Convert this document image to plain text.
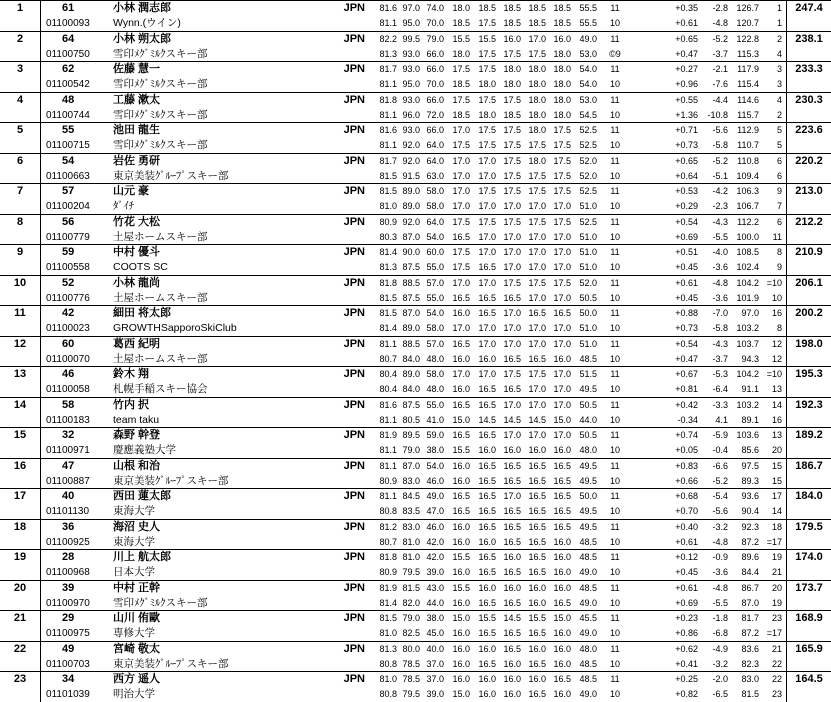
1	247.4
61	小林 潤志郎	JPN	81.6 97.0 74.0 18.0 18.5 18.5 18.5 18.5 55.5	11	+0.35	-2.8 126.7	1
01100093	Wynn.(ウイン)	81.1 95.0 70.0 18.5 17.5 18.5 18.5 18.5 55.5	10	+0.61	-4.8 120.7	1
2	238.1
64	小林 朔太郎	JPN	82.2 99.5 79.0 15.5 15.5 16.0 17.0 16.0 49.0	11	+0.65	-5.2 122.8	2
01100750	雪印ﾒｸﾞﾐﾙｸスキー部	81.3 93.0 66.0 18.0 17.5 17.5 17.5 18.0 53.0	©9	+0.47	-3.7	115.3	4
3	233.3
62	佐藤 慧一	JPN	81.7 93.0 66.0 17.5 17.5 18.0 18.0 18.0 54.0	11	+0.27	-2.1	117.9	3
01100542	雪印ﾒｸﾞﾐﾙｸスキー部	81.1 95.0 70.0 18.5 18.0 18.0 18.0 18.0 54.0	10	+0.96	-7.6	115.4	3
4	230.3
48	工藤 漱太	JPN	81.8 93.0 66.0 17.5 17.5 17.5 18.0 18.0 53.0	11	+0.55	-4.4	114.6	4
01100744	雪印ﾒｸﾞﾐﾙｸスキー部	81.1 96.0 72.0 18.5 18.0 18.5 18.0 18.0 54.5	10	+1.36	-10.8	115.7	2
5	223.6
55	池田 龍生	JPN	81.6 93.0 66.0 17.0 17.5 17.5 18.0 17.5 52.5	11	+0.71	-5.6	112.9	5
01100715	雪印ﾒｸﾞﾐﾙｸスキー部	81.1 92.0 64.0 17.5 17.5 17.5 17.5 17.5 52.5	10	+0.73	-5.8	110.7	5
6	220.2
54	岩佐 勇研	JPN	81.7 92.0 64.0 17.0 17.0 17.5 18.0 17.5 52.0	11	+0.65	-5.2	110.8	6
01100663	東京美装ｸﾞﾙｰﾌﾟスキー部	81.5 91.5 63.0 17.0 17.0 17.5 17.5 17.5 52.0	10	+0.64	-5.1 109.4	6
7	213.0
57	山元 豪	JPN	81.5 89.0 58.0 17.0 17.5 17.5 17.5 17.5 52.5	11	+0.53	-4.2 106.3	9
01100204	ﾀﾞｲﾁ	81.0 89.0 58.0 17.0 17.0 17.0 17.0 17.0 51.0	10	+0.29	-2.3 106.7	7
8	212.2
56	竹花 大松	JPN	80.9 92.0 64.0 17.5 17.5 17.5 17.5 17.5 52.5	11	+0.54	-4.3	112.2	6
01100779	土屋ホームスキー部	80.3 87.0 54.0 16.5 17.0 17.0 17.0 17.0 51.0	10	+0.69	-5.5 100.0	11
9	210.9
59	中村 優斗	JPN	81.4 90.0 60.0 17.5 17.0 17.0 17.0 17.0 51.0	11	+0.51	-4.0 108.5	8
01100558	COOTS SC	81.3 87.5 55.0 17.5 16.5 17.0 17.0 17.0 51.0	10	+0.45	-3.6 102.4	9
10	206.1
52	小林 龍尚	JPN	81.8 88.5 57.0 17.0 17.0 17.5 17.5 17.5 52.0	11	+0.61	-4.8 104.2 =10
01100776	土屋ホームスキー部	81.5 87.5 55.0 16.5 16.5 16.5 17.0 17.0 50.5	10	+0.45	-3.6 101.9	10
11	200.2
42	細田 将太郎	JPN	81.5 87.0 54.0 16.0 16.5 17.0 16.5 16.5 50.0	11	+0.88	-7.0	97.0	16
01100023	GROWTHSapporoSkiClub	81.4 89.0 58.0 17.0 17.0 17.0 17.0 17.0 51.0	10	+0.73	-5.8 103.2	8
12	198.0
60	葛西 紀明	JPN	81.1 88.5 57.0 16.5 17.0 17.0 17.0 17.0 51.0	11	+0.54	-4.3 103.7	12
01100070	土屋ホームスキー部	80.7 84.0 48.0 16.0 16.0 16.5 16.5 16.0 48.5	10	+0.47	-3.7	94.3	12
13	195.3
46	鈴木 翔	JPN	80.4 89.0 58.0 17.0 17.0 17.5 17.5 17.0 51.5	11	+0.67	-5.3 104.2 =10
01100058	札幌手稲スキー協会	80.4 84.0 48.0 16.0 16.5 16.5 17.0 17.0 49.5	10	+0.81	-6.4	91.1	13
14	192.3
58	竹内 択	JPN	81.6 87.5 55.0 16.5 16.5 17.0 17.0 17.0 50.5	11	+0.42	-3.3 103.2	14
01100183	team taku	81.1 80.5 41.0 15.0 14.5 14.5 14.5 15.0 44.0	10	-0.34	4.1	89.1	16
15	189.2
32	森野 幹登	JPN	81.9 89.5 59.0 16.5 16.5 17.0 17.0 17.0 50.5	11	+0.74	-5.9 103.6	13
01100971	慶應義塾大学	81.1 79.0 38.0 15.5 16.0 16.0 16.0 16.0 48.0	10	+0.05	-0.4	85.6	20
16	186.7
47	山根 和治	JPN	81.1 87.0 54.0 16.0 16.5 16.5 16.5 16.5 49.5	11	+0.83	-6.6	97.5	15
01100887	東京美装ｸﾞﾙｰﾌﾟスキー部	80.9 83.0 46.0 16.0 16.5 16.5 16.5 16.5 49.5	10	+0.66	-5.2	89.3	15
17	184.0
40	西田 蓮太郎	JPN	81.1 84.5 49.0 16.5 16.5 17.0 16.5 16.5 50.0	11	+0.68	-5.4	93.6	17
01101130	東海大学	80.8 83.5 47.0 16.5 16.5 16.5 16.5 16.5 49.5	10	+0.70	-5.6	90.4	14
18	179.5
36	海沼 史人	JPN	81.2 83.0 46.0 16.0 16.5 16.5 16.5 16.5 49.5	11	+0.40	-3.2	92.3	18
01100925	東海大学	80.7 81.0 42.0 16.0 16.0 16.5 16.5 16.0 48.5	10	+0.61	-4.8	87.2 =17
19	174.0
28	川上 航太郎	JPN	81.8 81.0 42.0 15.5 16.5 16.0 16.5 16.0 48.5	11	+0.12	-0.9	89.6	19
01100968	日本大学	80.9 79.5 39.0 16.0 16.5 16.5 16.5 16.0 49.0	10	+0.45	-3.6	84.4	21
20	173.7
39	中村 正幹	JPN	81.9 81.5 43.0 15.5 16.0 16.0 16.0 16.0 48.5	11	+0.61	-4.8	86.7	20
01100970	雪印ﾒｸﾞﾐﾙｸスキー部	81.4 82.0 44.0 16.0 16.5 16.5 16.0 16.5 49.0	10	+0.69	-5.5	87.0	19
21	168.9
29	山川 侑歐	JPN	81.5 79.0 38.0 15.0 15.5 14.5 15.5 15.0 45.5	11	+0.23	-1.8	81.7	23
01100975	専修大学	81.0 82.5 45.0 16.0 16.5 16.5 16.5 16.0 49.0	10	+0.86	-6.8	87.2 =17
22	165.9
49	宮崎 敬太	JPN	81.3 80.0 40.0 16.0 16.0 16.5 16.0 16.0 48.0	11	+0.62	-4.9	83.6	21
01100703	東京美装ｸﾞﾙｰﾌﾟスキー部	80.8 78.5 37.0 16.0 16.5 16.0 16.5 16.0 48.5	10	+0.41	-3.2	82.3	22
23	164.5
34	西方 遥人	JPN	81.0 78.5 37.0 16.0 16.0 16.0 16.0 16.5 48.5	11	+0.25	-2.0	83.0	22
01101039	明治大学	80.8 79.5 39.0 15.0 16.0 16.0 16.5 16.0 49.0	10	+0.82	-6.5	81.5	23
